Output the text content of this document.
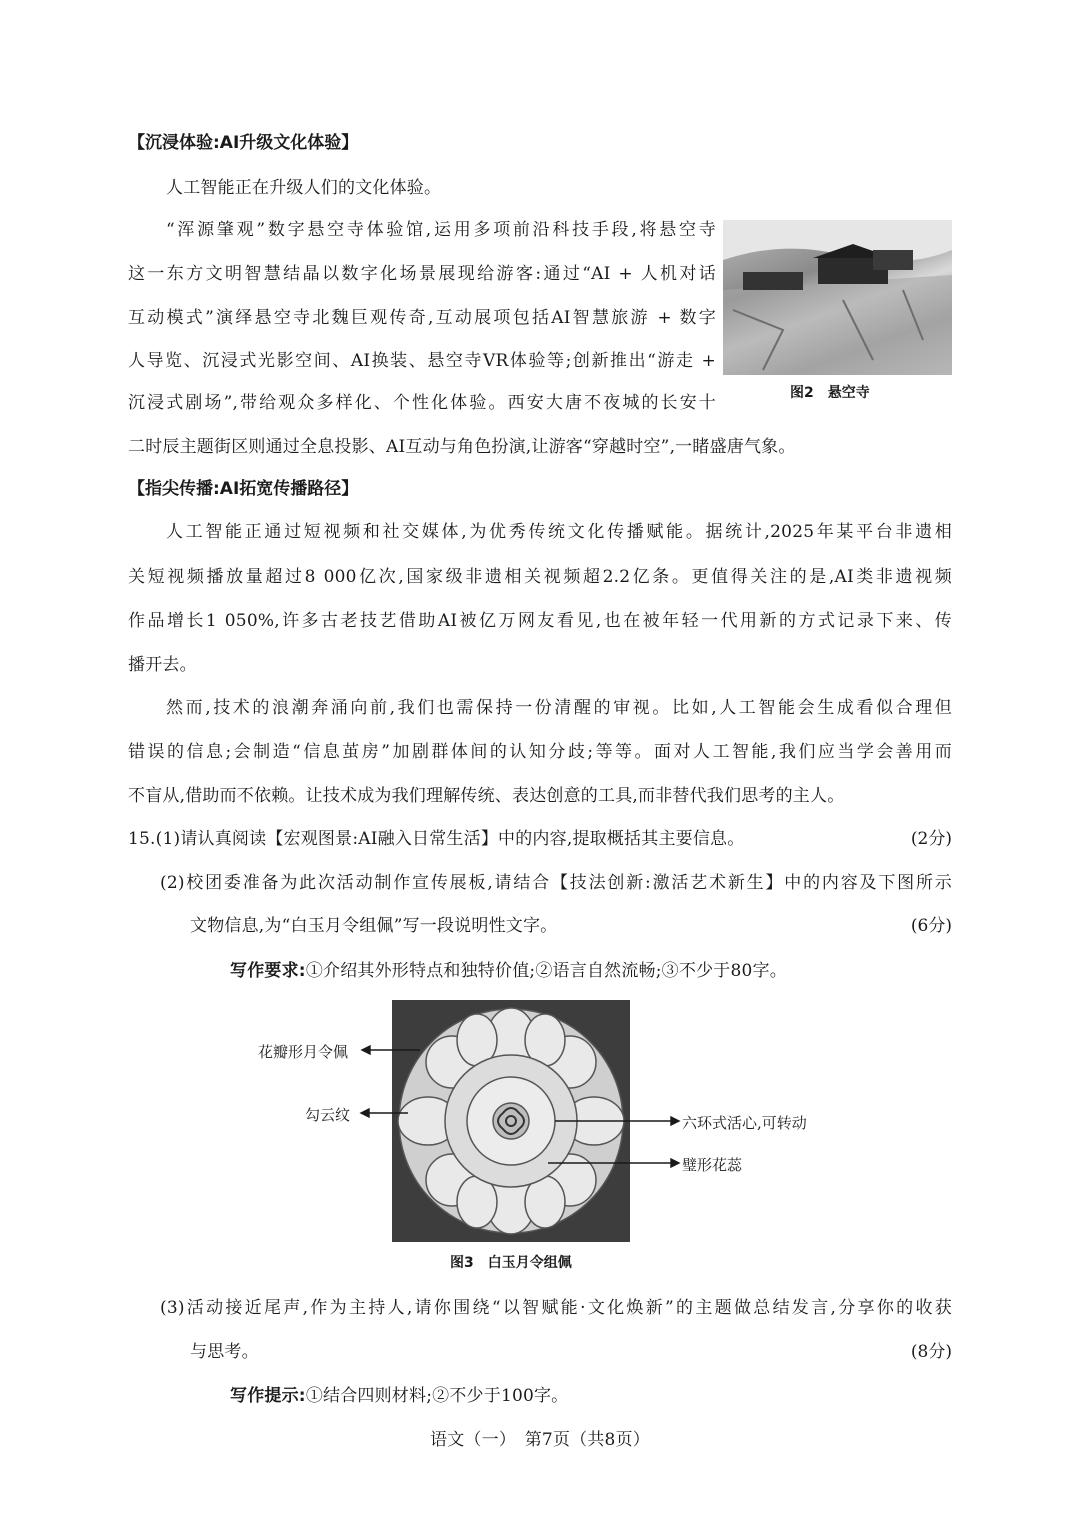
【沉浸体验:AI升级文化体验】
人工智能正在升级人们的文化体验。
“浑源肇观”数字悬空寺体验馆,运用多项前沿科技手段,将悬空寺
这一东方文明智慧结晶以数字化场景展现给游客:通过“AI + 人机对话
互动模式”演绎悬空寺北魏巨观传奇,互动展项包括AI智慧旅游 + 数字
人导览、沉浸式光影空间、AI换装、悬空寺VR体验等;创新推出“游走 +
沉浸式剧场”,带给观众多样化、个性化体验。西安大唐不夜城的长安十
二时辰主题街区则通过全息投影、AI互动与角色扮演,让游客“穿越时空”,一睹盛唐气象。
图2　悬空寺
【指尖传播:AI拓宽传播路径】
人工智能正通过短视频和社交媒体,为优秀传统文化传播赋能。据统计,2025年某平台非遗相
关短视频播放量超过8 000亿次,国家级非遗相关视频超2.2亿条。更值得关注的是,AI类非遗视频
作品增长1 050%,许多古老技艺借助AI被亿万网友看见,也在被年轻一代用新的方式记录下来、传
播开去。
然而,技术的浪潮奔涌向前,我们也需保持一份清醒的审视。比如,人工智能会生成看似合理但
错误的信息;会制造“信息茧房”加剧群体间的认知分歧;等等。面对人工智能,我们应当学会善用而
不盲从,借助而不依赖。让技术成为我们理解传统、表达创意的工具,而非替代我们思考的主人。
15.(1)请认真阅读【宏观图景:AI融入日常生活】中的内容,提取概括其主要信息。	(2分)
(2)校团委准备为此次活动制作宣传展板,请结合【技法创新:激活艺术新生】中的内容及下图所示
文物信息,为“白玉月令组佩”写一段说明性文字。	(6分)
写作要求:①介绍其外形特点和独特价值;②语言自然流畅;③不少于80字。
花瓣形月令佩
勾云纹	六环式活心,可转动
璧形花蕊
图3　白玉月令组佩
(3)活动接近尾声,作为主持人,请你围绕“以智赋能·文化焕新”的主题做总结发言,分享你的收获
与思考。	(8分)
写作提示:①结合四则材料;②不少于100字。
语文（一）　第7页（共8页）
